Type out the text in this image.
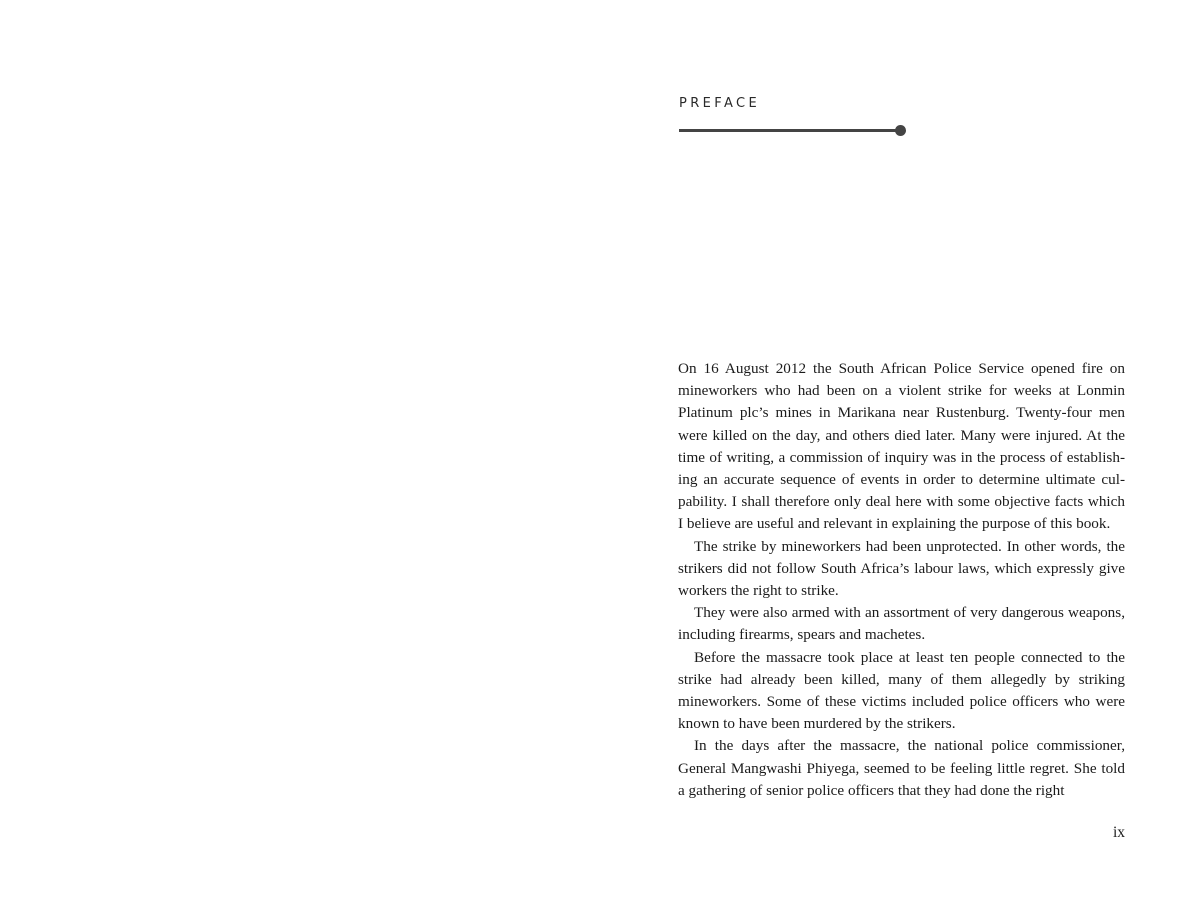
PREFACE

On 16 August 2012 the South African Police Service opened fire on mineworkers who had been on a violent strike for weeks at Lonmin Platinum plc’s mines in Marikana near Rustenburg. Twenty-four men were killed on the day, and others died later. Many were injured. At the time of writing, a commission of inquiry was in the process of establishing an accurate sequence of events in order to determine ultimate culpability. I shall therefore only deal here with some objective facts which I believe are useful and relevant in explaining the purpose of this book.

The strike by mineworkers had been unprotected. In other words, the strikers did not follow South Africa’s labour laws, which expressly give workers the right to strike.

They were also armed with an assortment of very dangerous weapons, including firearms, spears and machetes.

Before the massacre took place at least ten people connected to the strike had already been killed, many of them allegedly by striking mineworkers. Some of these victims included police officers who were known to have been murdered by the strikers.

In the days after the massacre, the national police commissioner, General Mangwashi Phiyega, seemed to be feeling little regret. She told a gathering of senior police officers that they had done the right

ix
